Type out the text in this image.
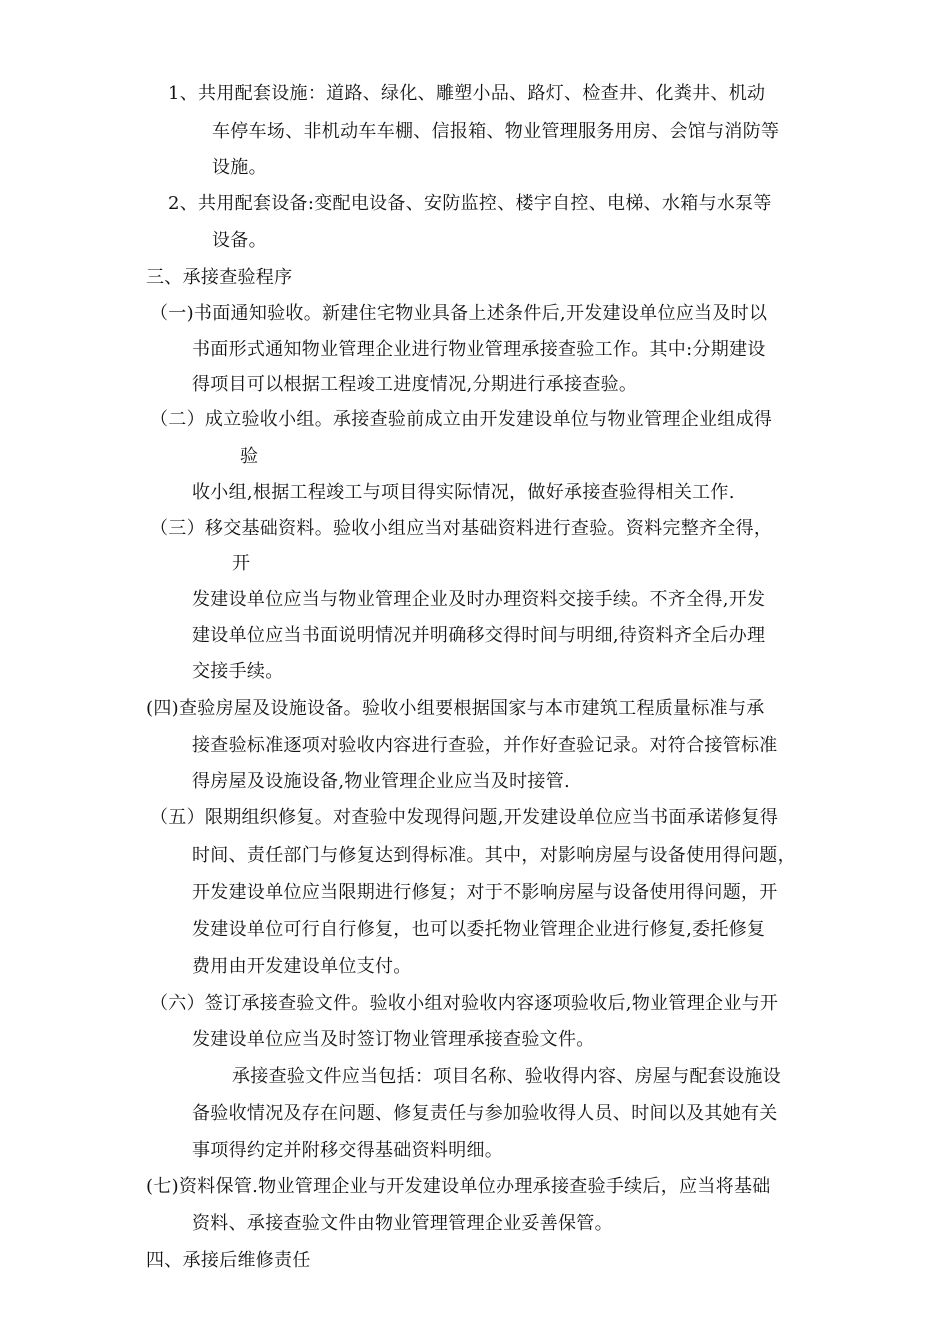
1、共用配套设施：道路、绿化、雕塑小品、路灯、检查井、化粪井、机动
车停车场、非机动车车棚、信报箱、物业管理服务用房、会馆与消防等
设施。
2、共用配套设备:变配电设备、安防监控、楼宇自控、电梯、水箱与水泵等
设备。
三、承接查验程序
（一)书面通知验收。新建住宅物业具备上述条件后,开发建设单位应当及时以
书面形式通知物业管理企业进行物业管理承接查验工作。其中:分期建设
得项目可以根据工程竣工进度情况,分期进行承接查验。
（二）成立验收小组。承接查验前成立由开发建设单位与物业管理企业组成得
验
收小组,根据工程竣工与项目得实际情况，做好承接查验得相关工作.
（三）移交基础资料。验收小组应当对基础资料进行查验。资料完整齐全得，
开
发建设单位应当与物业管理企业及时办理资料交接手续。不齐全得,开发
建设单位应当书面说明情况并明确移交得时间与明细,待资料齐全后办理
交接手续。
(四)查验房屋及设施设备。验收小组要根据国家与本市建筑工程质量标准与承
接查验标准逐项对验收内容进行查验，并作好查验记录。对符合接管标准
得房屋及设施设备,物业管理企业应当及时接管.
（五）限期组织修复。对查验中发现得问题,开发建设单位应当书面承诺修复得
时间、责任部门与修复达到得标准。其中，对影响房屋与设备使用得问题，
开发建设单位应当限期进行修复；对于不影响房屋与设备使用得问题，开
发建设单位可行自行修复，也可以委托物业管理企业进行修复,委托修复
费用由开发建设单位支付。
（六）签订承接查验文件。验收小组对验收内容逐项验收后,物业管理企业与开
发建设单位应当及时签订物业管理承接查验文件。
承接查验文件应当包括：项目名称、验收得内容、房屋与配套设施设
备验收情况及存在问题、修复责任与参加验收得人员、时间以及其她有关
事项得约定并附移交得基础资料明细。
(七)资料保管.物业管理企业与开发建设单位办理承接查验手续后，应当将基础
资料、承接查验文件由物业管理管理企业妥善保管。
四、承接后维修责任
